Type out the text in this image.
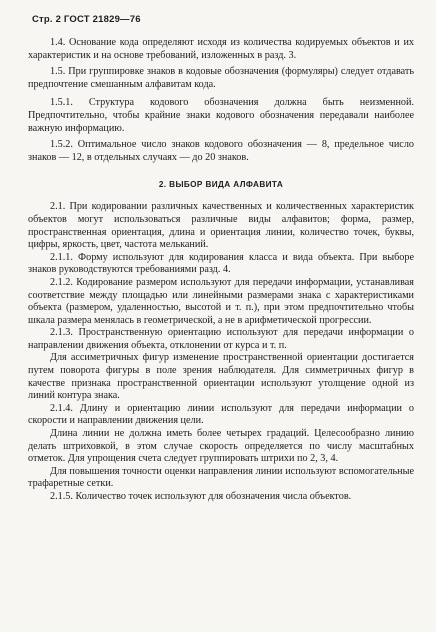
Стр. 2 ГОСТ 21829—76

1.4. Основание кода определяют исходя из количества кодируемых объектов и их характеристик и на основе требований, изложенных в разд. 3.

1.5. При группировке знаков в кодовые обозначения (формуляры) следует отдавать предпочтение смешанным алфавитам кода.

1.5.1. Структура кодового обозначения должна быть неизменной. Предпочтительно, чтобы крайние знаки кодового обозначения передавали наиболее важную информацию.

1.5.2. Оптимальное число знаков кодового обозначения — 8, предельное число знаков — 12, в отдельных случаях — до 20 знаков.

2. ВЫБОР ВИДА АЛФАВИТА

2.1. При кодировании различных качественных и количественных характеристик объектов могут использоваться различные виды алфавитов; форма, размер, пространственная ориентация, длина и ориентация линии, количество точек, буквы, цифры, яркость, цвет, частота мельканий.

2.1.1. Форму используют для кодирования класса и вида объекта. При выборе знаков руководствуются требованиями разд. 4.

2.1.2. Кодирование размером используют для передачи информации, устанавливая соответствие между площадью или линейными размерами знака с характеристиками объекта (размером, удаленностью, высотой и т. п.), при этом предпочтительно чтобы шкала размера менялась в геометрической, а не в арифметической прогрессии.

2.1.3. Пространственную ориентацию используют для передачи информации о направлении движения объекта, отклонении от курса и т. п.

Для ассиметричных фигур изменение пространственной ориентации достигается путем поворота фигуры в поле зрения наблюдателя. Для симметричных фигур в качестве признака пространственной ориентации используют утолщение одной из линий контура знака.

2.1.4. Длину и ориентацию линии используют для передачи информации о скорости и направлении движения цели.

Длина линии не должна иметь более четырех градаций. Целесообразно линию делать штриховкой, в этом случае скорость определяется по числу масштабных отметок. Для упрощения счета следует группировать штрихи по 2, 3, 4.

Для повышения точности оценки направления линии используют вспомогательные трафаретные сетки.

2.1.5. Количество точек используют для обозначения числа объектов.
